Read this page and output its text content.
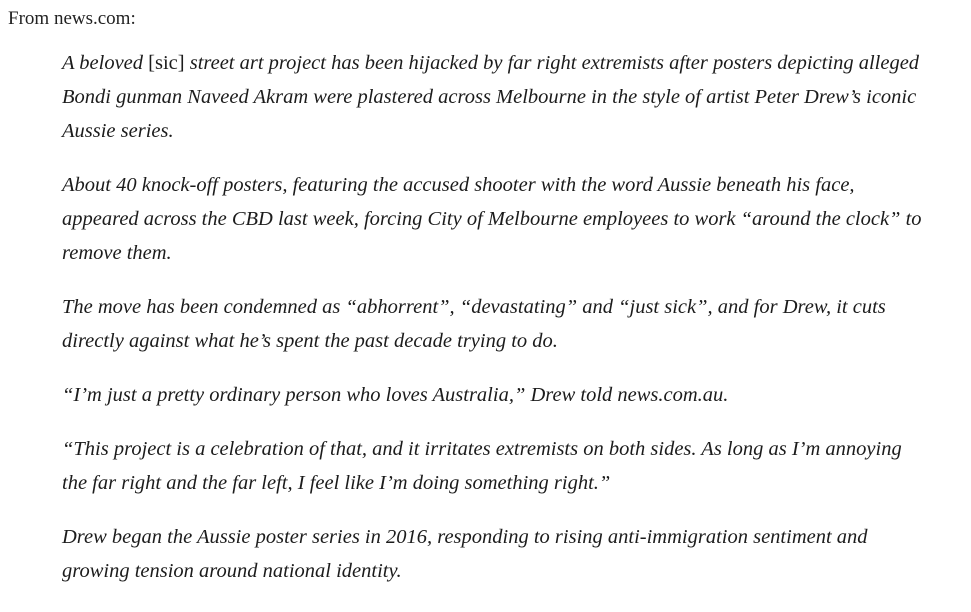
From news.com:

A beloved [sic] street art project has been hijacked by far right extremists after posters depicting alleged Bondi gunman Naveed Akram were plastered across Melbourne in the style of artist Peter Drew’s iconic Aussie series.

About 40 knock-off posters, featuring the accused shooter with the word Aussie beneath his face, appeared across the CBD last week, forcing City of Melbourne employees to work “around the clock” to remove them.

The move has been condemned as “abhorrent”, “devastating” and “just sick”, and for Drew, it cuts directly against what he’s spent the past decade trying to do.

“I’m just a pretty ordinary person who loves Australia,” Drew told news.com.au.

“This project is a celebration of that, and it irritates extremists on both sides. As long as I’m annoying the far right and the far left, I feel like I’m doing something right.”

Drew began the Aussie poster series in 2016, responding to rising anti-immigration sentiment and growing tension around national identity.
